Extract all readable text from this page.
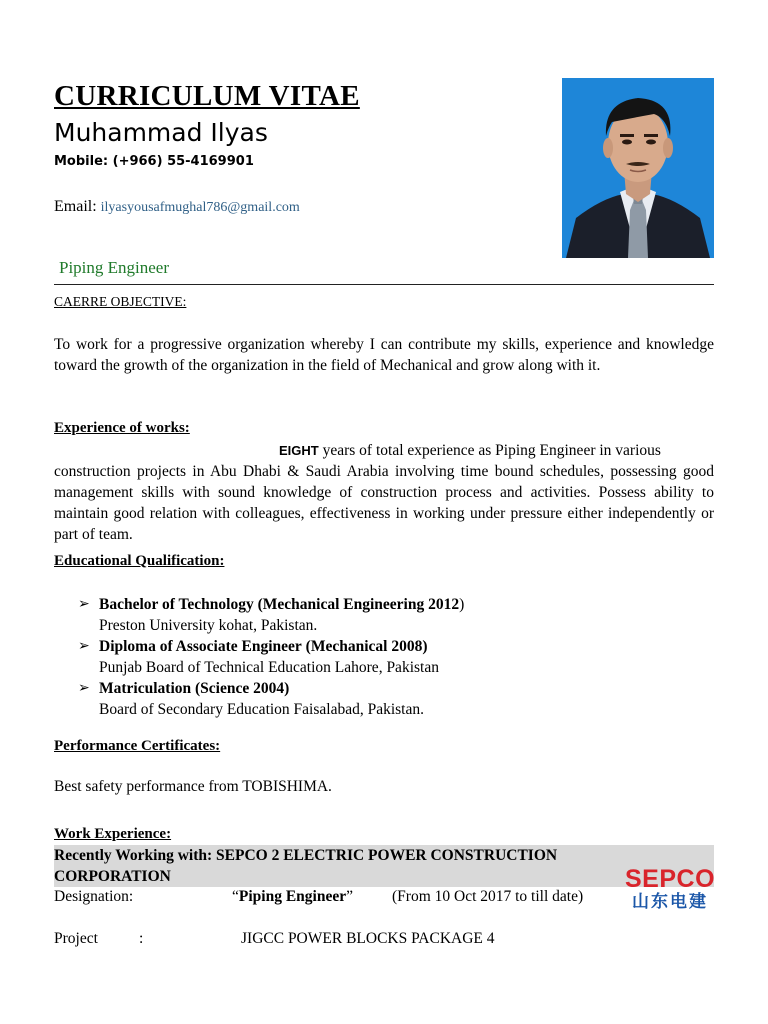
CURRICULUM VITAE
Muhammad Ilyas
Mobile: (+966) 55-4169901
Email: ilyasyousafmughal786@gmail.com
Piping Engineer
CAERRE OBJECTIVE:
To work for a progressive organization whereby I can contribute my skills, experience and knowledge toward the growth of the organization in the field of Mechanical and grow along with it.
Experience of works:
EIGHT years of total experience as Piping Engineer in various
construction projects in Abu Dhabi & Saudi Arabia involving time bound schedules, possessing good management skills with sound knowledge of construction process and activities. Possess ability to maintain good relation with colleagues, effectiveness in working under pressure either independently or part of team.
Educational Qualification:
➢ Bachelor of Technology (Mechanical Engineering 2012)
Preston University kohat, Pakistan.
➢ Diploma of Associate Engineer (Mechanical 2008)
Punjab Board of Technical Education Lahore, Pakistan
➢ Matriculation (Science 2004)
Board of Secondary Education Faisalabad, Pakistan.
Performance Certificates:
Best safety performance from TOBISHIMA.
Work Experience:
Recently Working with: SEPCO 2 ELECTRIC POWER CONSTRUCTION
CORPORATION
Designation:	“Piping Engineer”	(From 10 Oct 2017 to till date)
Project	:	JIGCC POWER BLOCKS PACKAGE 4
SEPCO
山东电建
